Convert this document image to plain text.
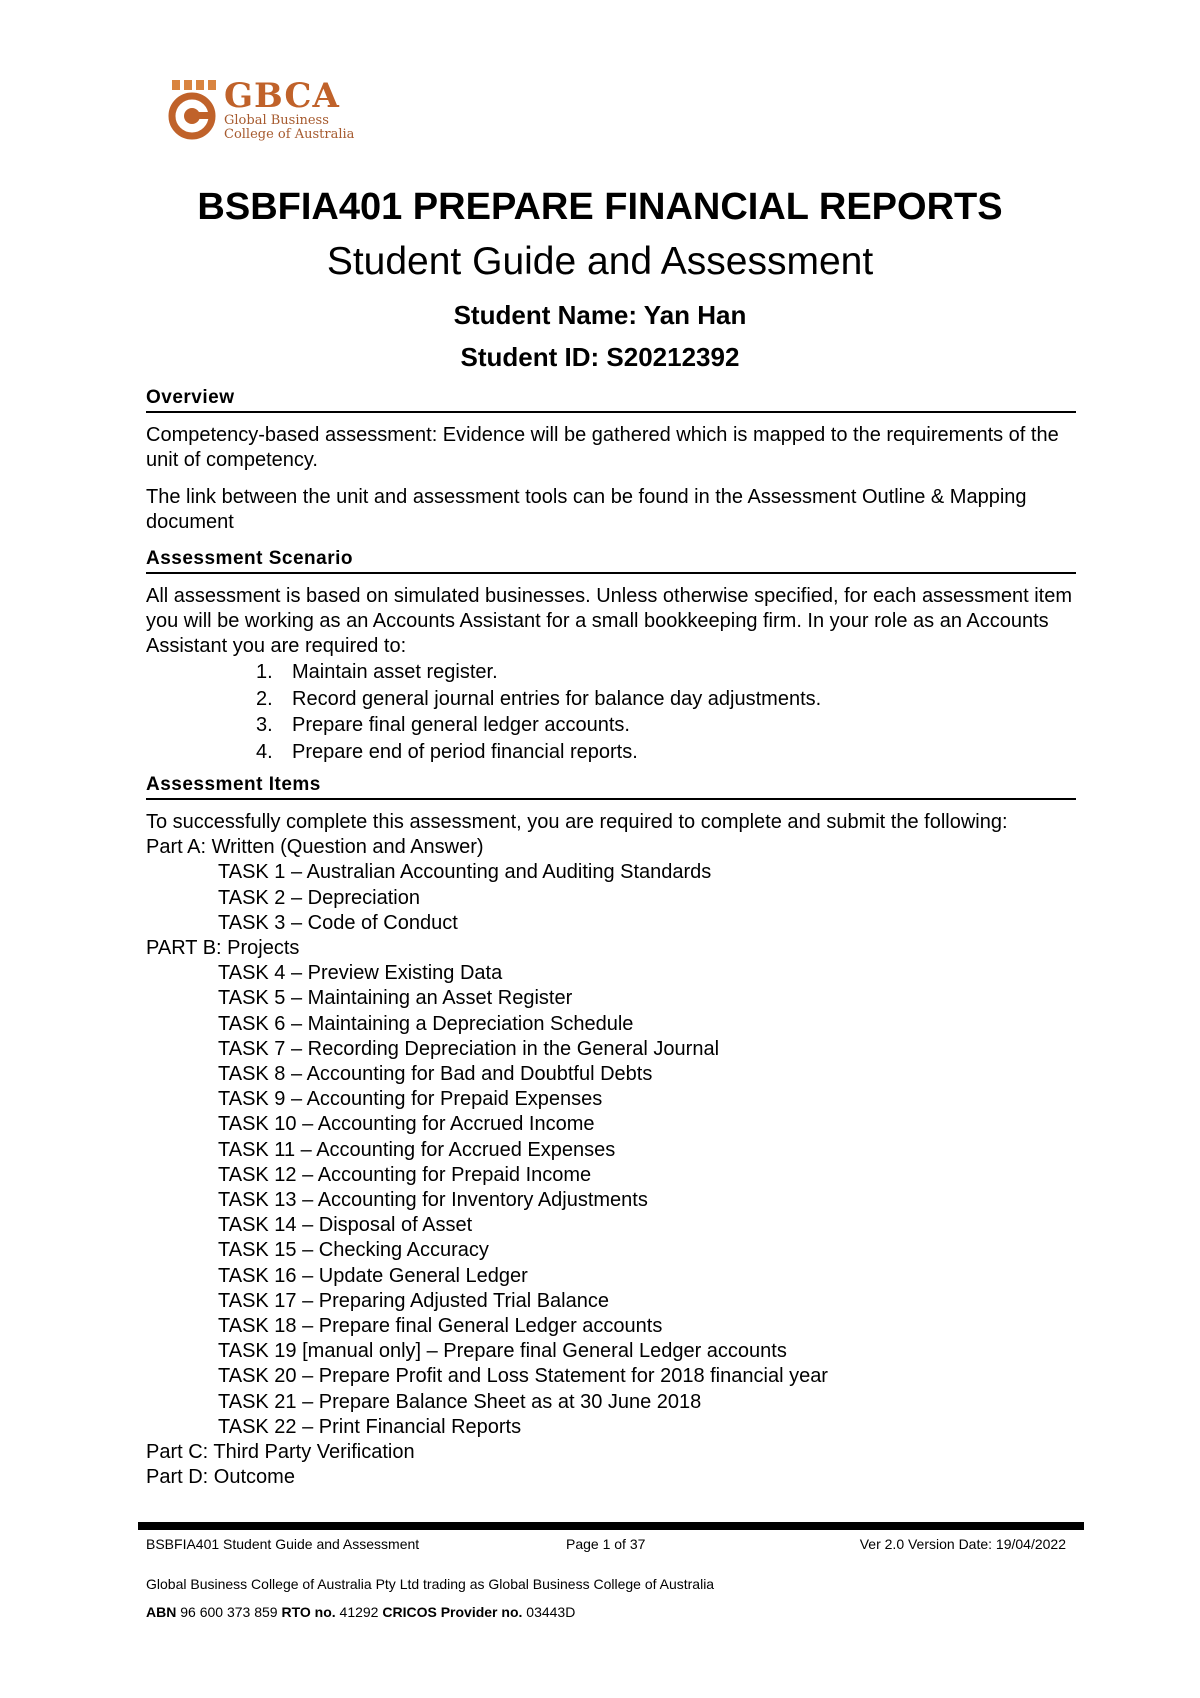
GBCA
Global Business
College of Australia
BSBFIA401 PREPARE FINANCIAL REPORTS
Student Guide and Assessment
Student Name: Yan Han
Student ID: S20212392
Overview
Competency-based assessment: Evidence will be gathered which is mapped to the requirements of the unit of competency.
The link between the unit and assessment tools can be found in the Assessment Outline & Mapping document
Assessment Scenario
All assessment is based on simulated businesses. Unless otherwise specified, for each assessment item you will be working as an Accounts Assistant for a small bookkeeping firm. In your role as an Accounts Assistant you are required to:
1. Maintain asset register.
2. Record general journal entries for balance day adjustments.
3. Prepare final general ledger accounts.
4. Prepare end of period financial reports.
Assessment Items
To successfully complete this assessment, you are required to complete and submit the following:
Part A: Written (Question and Answer)
TASK 1 – Australian Accounting and Auditing Standards
TASK 2 – Depreciation
TASK 3 – Code of Conduct
PART B: Projects
TASK 4 – Preview Existing Data
TASK 5 – Maintaining an Asset Register
TASK 6 – Maintaining a Depreciation Schedule
TASK 7 – Recording Depreciation in the General Journal
TASK 8 – Accounting for Bad and Doubtful Debts
TASK 9 – Accounting for Prepaid Expenses
TASK 10 – Accounting for Accrued Income
TASK 11 – Accounting for Accrued Expenses
TASK 12 – Accounting for Prepaid Income
TASK 13 – Accounting for Inventory Adjustments
TASK 14 – Disposal of Asset
TASK 15 – Checking Accuracy
TASK 16 – Update General Ledger
TASK 17 – Preparing Adjusted Trial Balance
TASK 18 – Prepare final General Ledger accounts
TASK 19 [manual only] – Prepare final General Ledger accounts
TASK 20 – Prepare Profit and Loss Statement for 2018 financial year
TASK 21 – Prepare Balance Sheet as at 30 June 2018
TASK 22 – Print Financial Reports
Part C: Third Party Verification
Part D: Outcome
BSBFIA401 Student Guide and Assessment	Page 1 of 37	Ver 2.0 Version Date: 19/04/2022
Global Business College of Australia Pty Ltd trading as Global Business College of Australia
ABN 96 600 373 859 RTO no. 41292 CRICOS Provider no. 03443D
